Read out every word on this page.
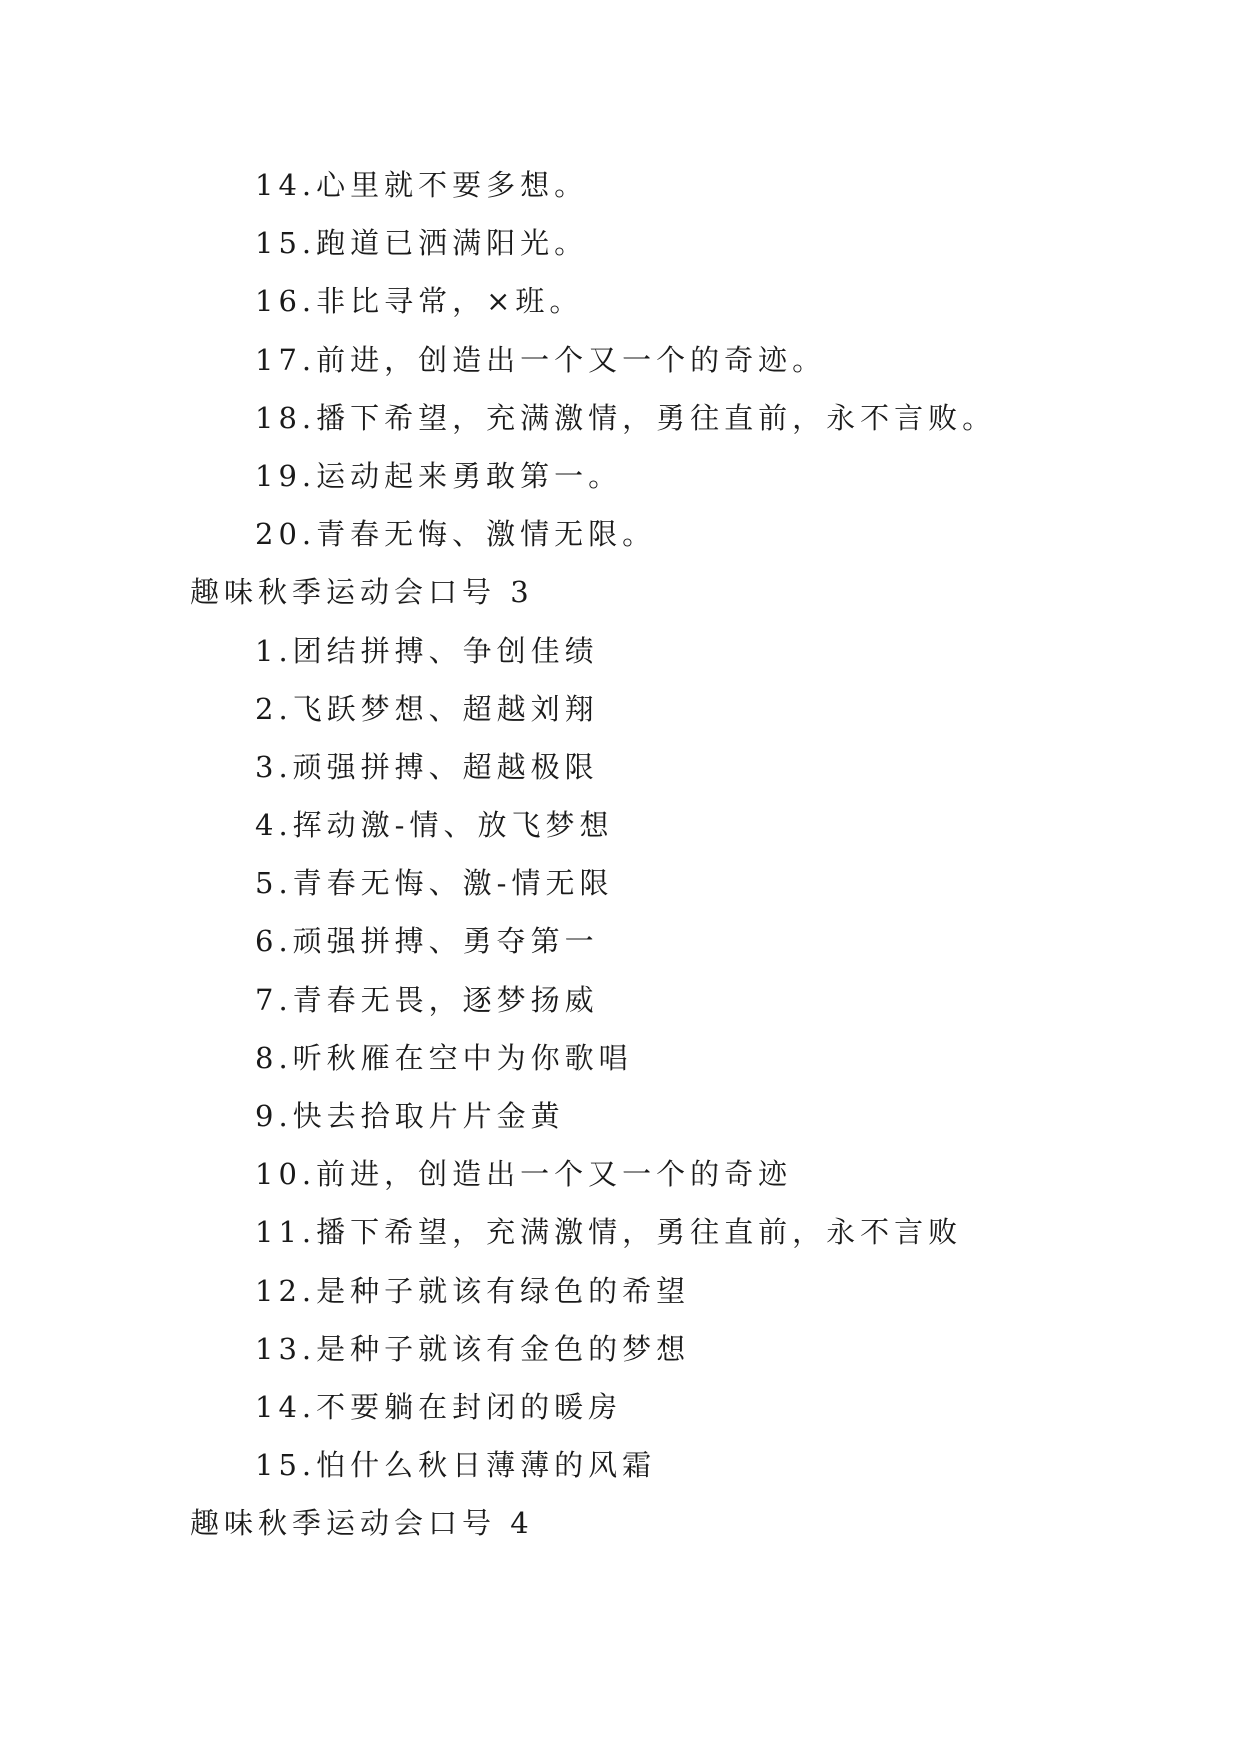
14.心里就不要多想。
15.跑道已洒满阳光。
16.非比寻常，×班。
17.前进，创造出一个又一个的奇迹。
18.播下希望，充满激情，勇往直前，永不言败。
19.运动起来勇敢第一。
20.青春无悔、激情无限。
趣味秋季运动会口号 3
1.团结拼搏、争创佳绩
2.飞跃梦想、超越刘翔
3.顽强拼搏、超越极限
4.挥动激-情、放飞梦想
5.青春无悔、激-情无限
6.顽强拼搏、勇夺第一
7.青春无畏，逐梦扬威
8.听秋雁在空中为你歌唱
9.快去拾取片片金黄
10.前进，创造出一个又一个的奇迹
11.播下希望，充满激情，勇往直前，永不言败
12.是种子就该有绿色的希望
13.是种子就该有金色的梦想
14.不要躺在封闭的暖房
15.怕什么秋日薄薄的风霜
趣味秋季运动会口号 4
